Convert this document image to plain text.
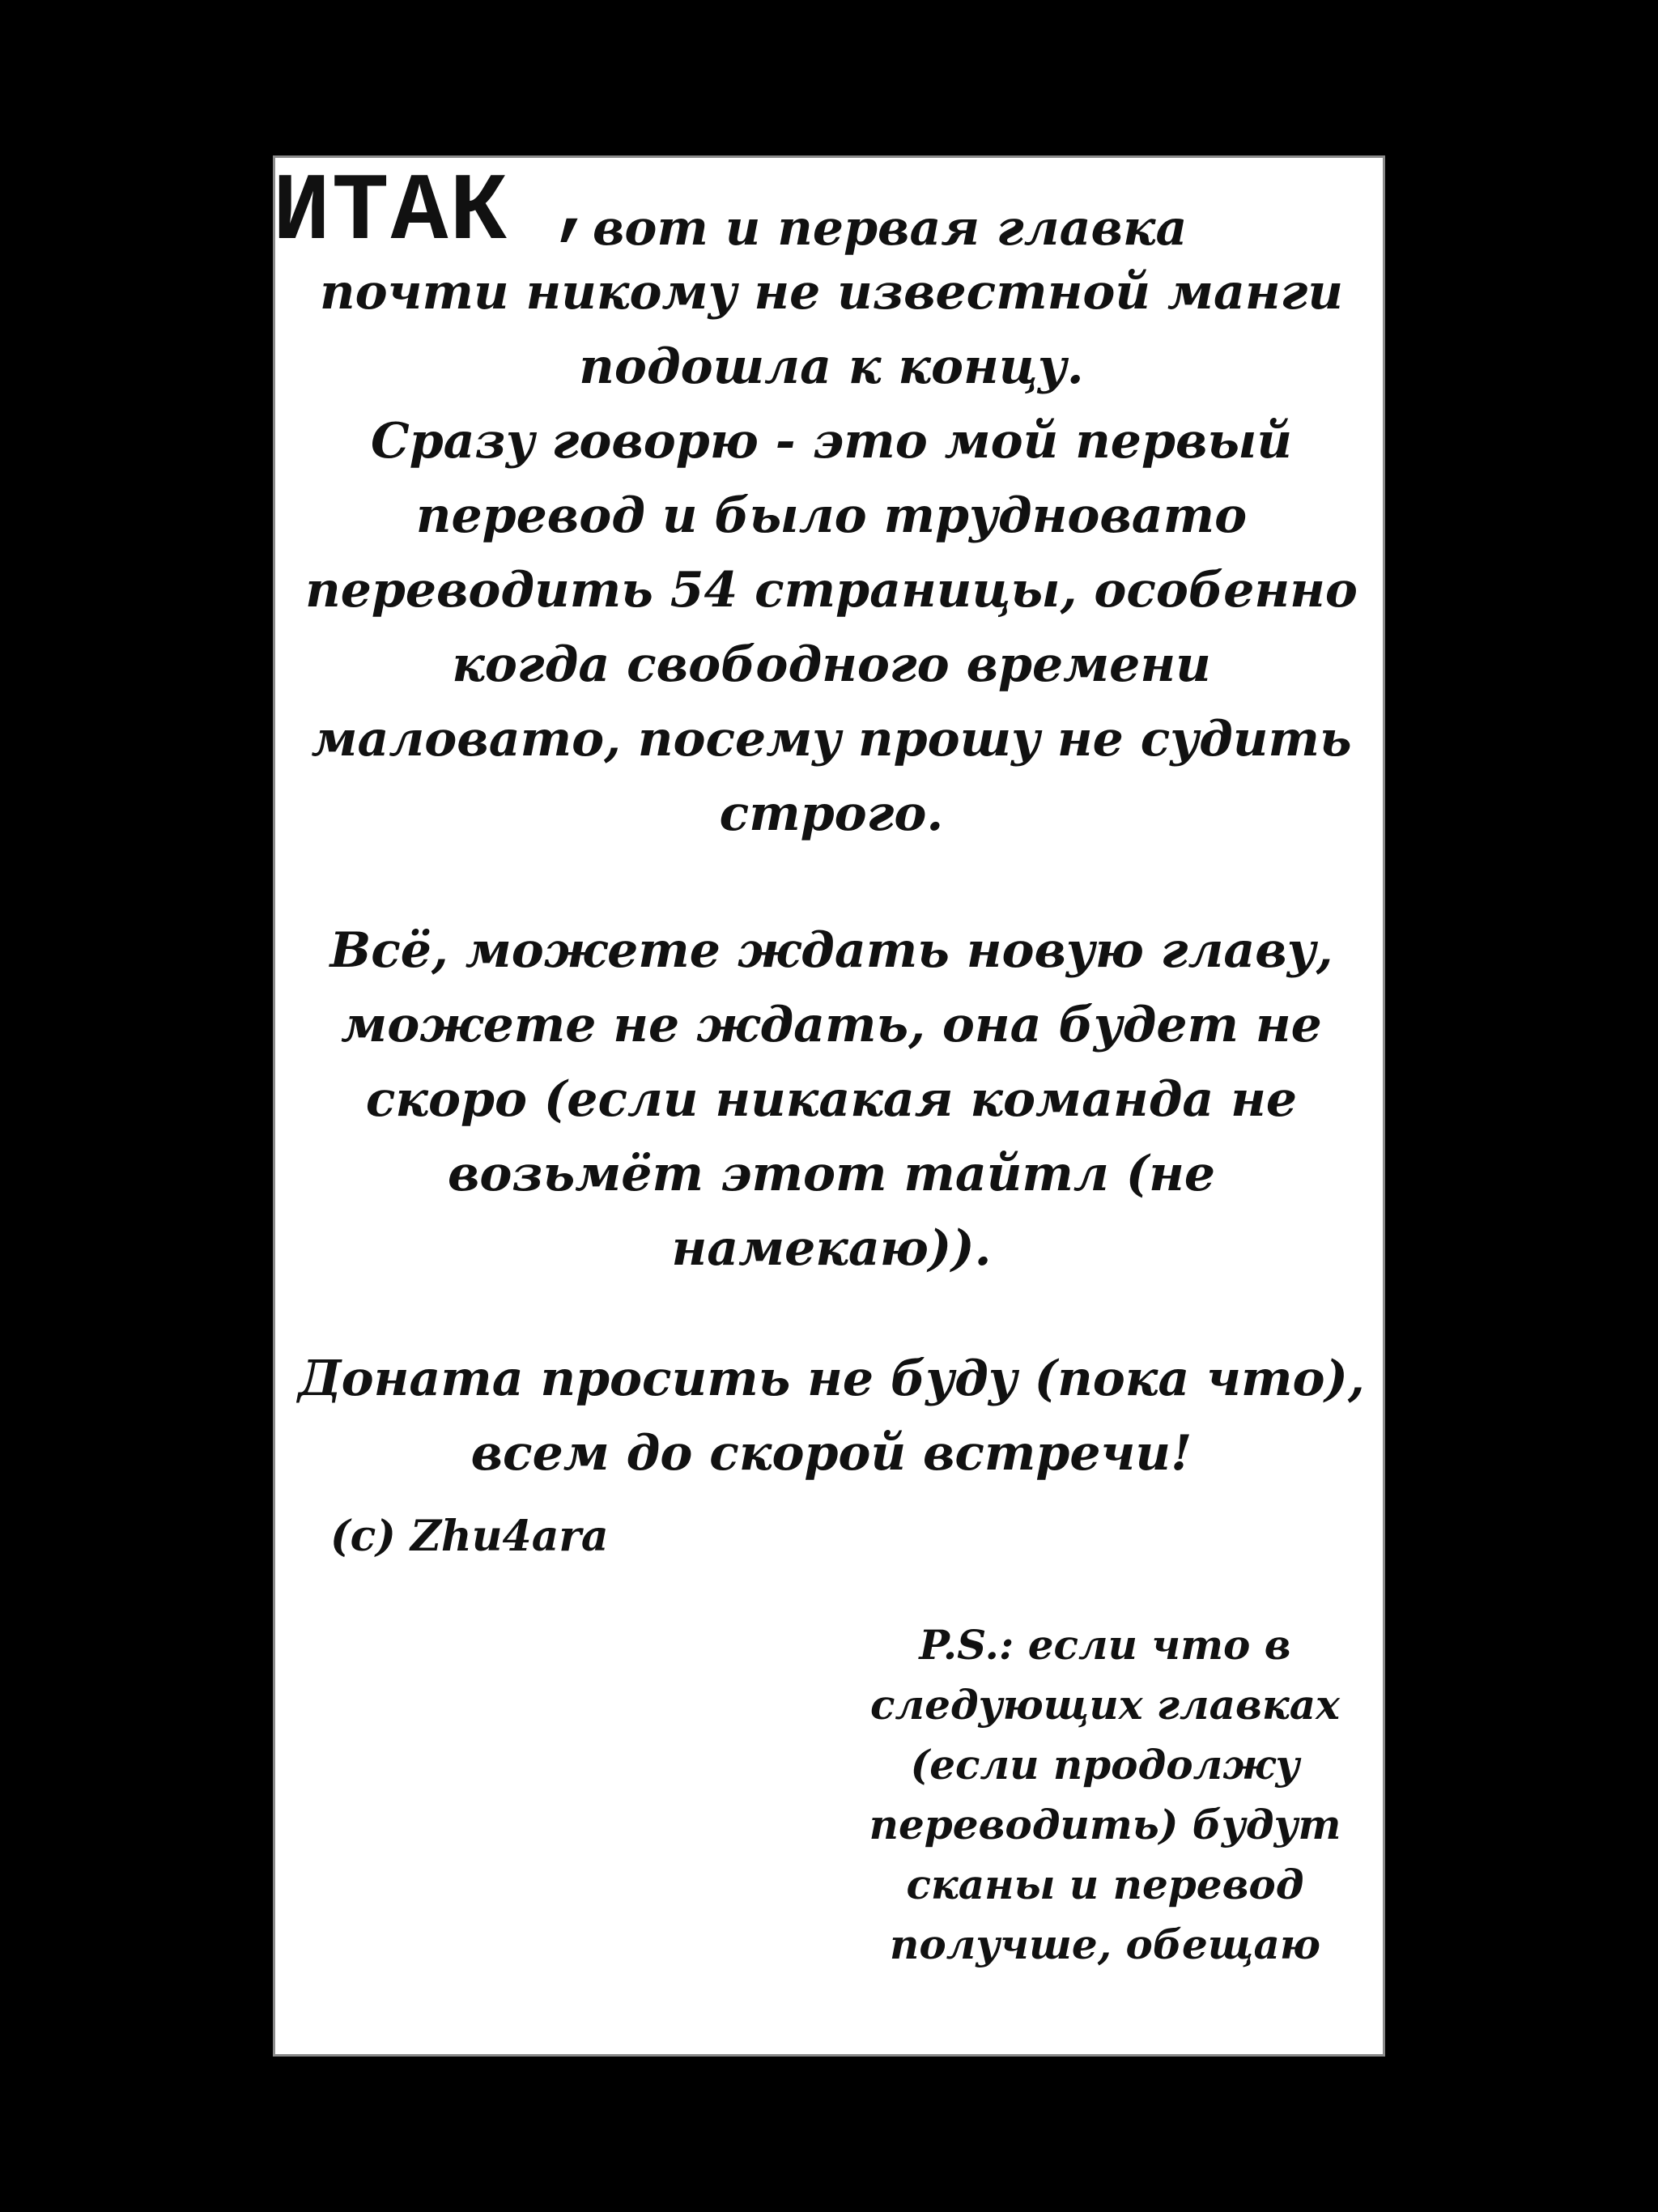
ИТАК ,
вот и первая главка
почти никому не известной манги
подошла к концу.
Сразу говорю - это мой первый
перевод и было трудновато
переводить 54 страницы, особенно
когда свободного времени
маловато, посему прошу не судить
строго.
Всё, можете ждать новую главу,
можете не ждать, она будет не
скоро (если никакая команда не
возьмёт этот тайтл (не
намекаю)).
Доната просить не буду (пока что),
всем до скорой встречи!
(c) Zhu4ara
P.S.: если что в
следующих главках
(если продолжу
переводить) будут
сканы и перевод
получше, обещаю
